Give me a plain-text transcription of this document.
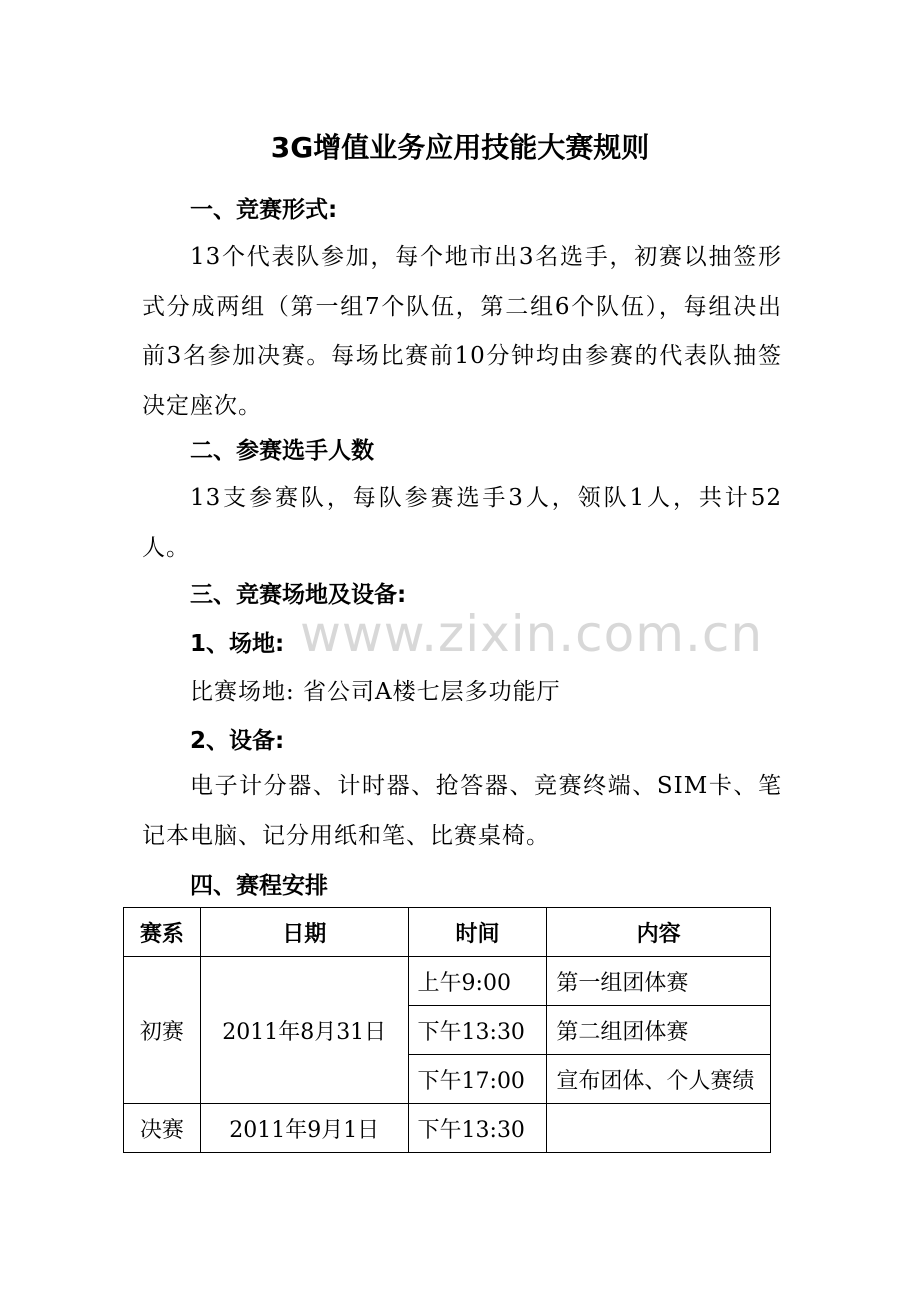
3G增值业务应用技能大赛规则
一、竞赛形式:
13个代表队参加，每个地市出3名选手，初赛以抽签形式分成两组（第一组7个队伍，第二组6个队伍），每组决出前3名参加决赛。每场比赛前10分钟均由参赛的代表队抽签决定座次。
二、参赛选手人数
13支参赛队，每队参赛选手3人，领队1人，共计52人。
三、竞赛场地及设备:
1、场地:
比赛场地: 省公司A楼七层多功能厅
2、设备:
电子计分器、计时器、抢答器、竞赛终端、SIM卡、笔记本电脑、记分用纸和笔、比赛桌椅。
四、赛程安排
赛系	日期	时间	内容
初赛	2011年8月31日	上午9:00	第一组团体赛
		下午13:30	第二组团体赛
		下午17:00	宣布团体、个人赛绩
决赛	2011年9月1日	下午13:30	
www.zixin.com.cn
